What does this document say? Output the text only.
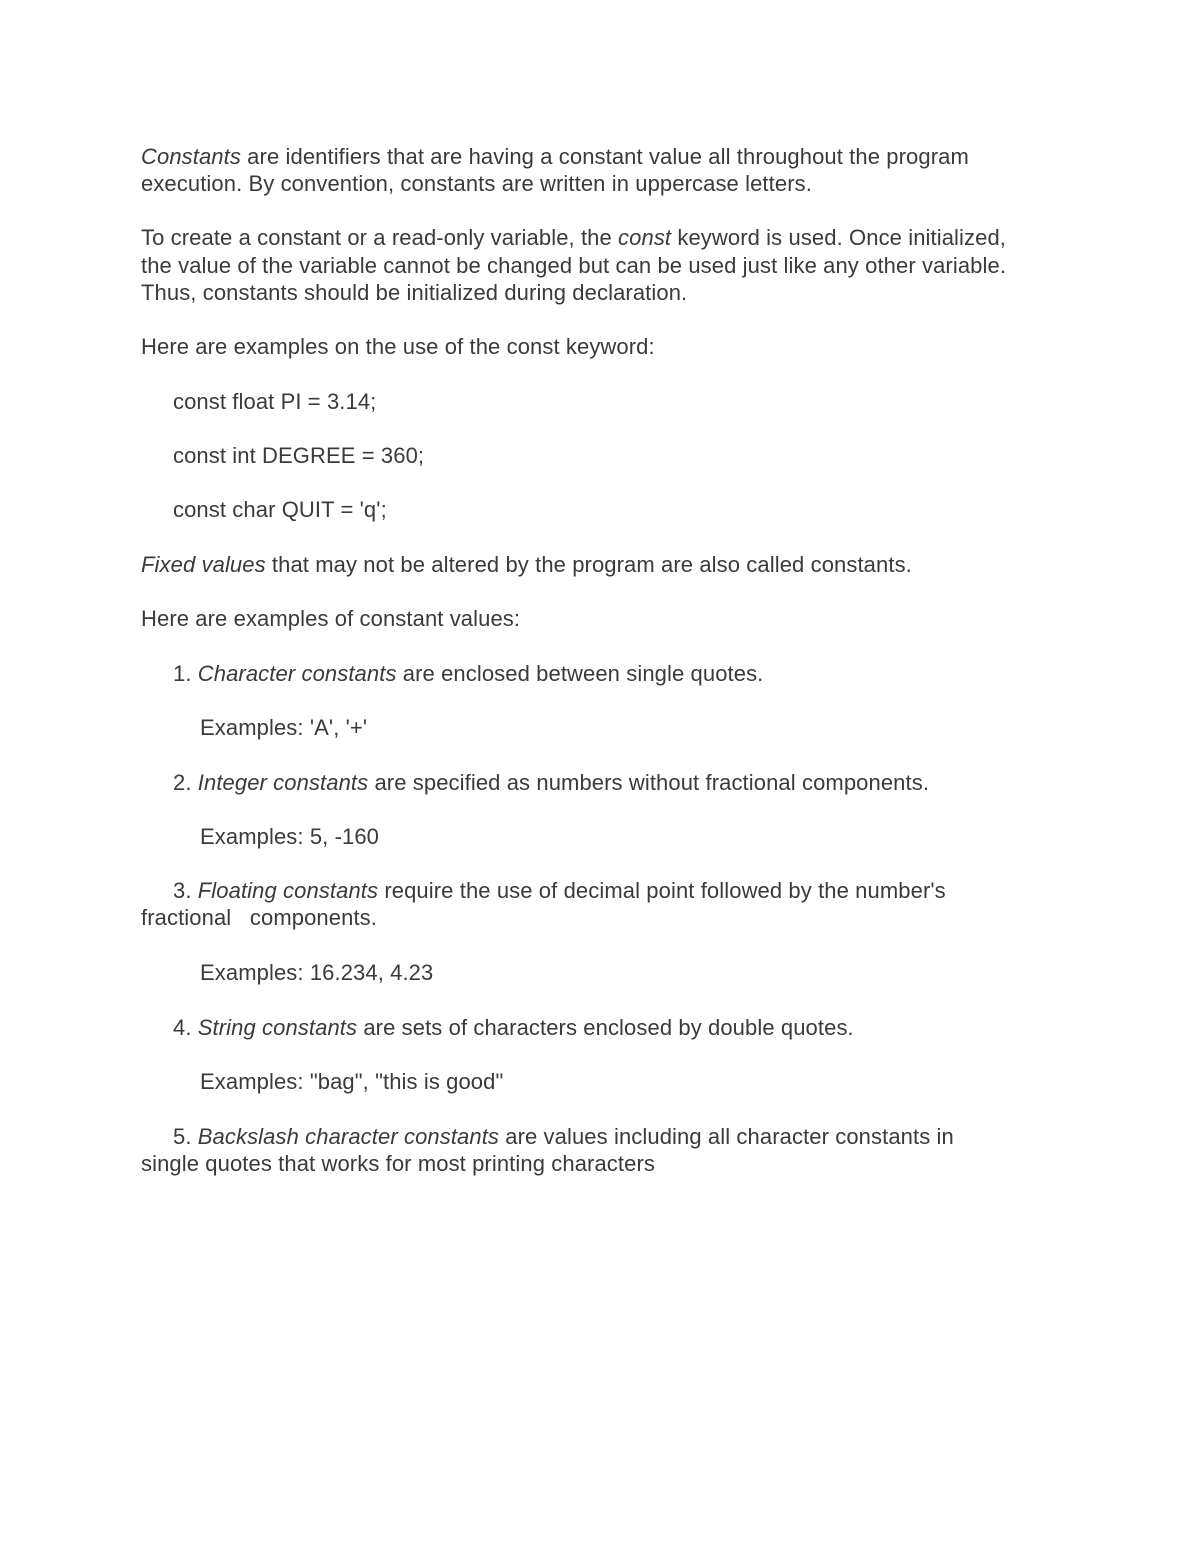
Constants are identifiers that are having a constant value all throughout the program
execution. By convention, constants are written in uppercase letters.
To create a constant or a read-only variable, the const keyword is used. Once initialized,
the value of the variable cannot be changed but can be used just like any other variable.
Thus, constants should be initialized during declaration.
Here are examples on the use of the const keyword:
const float PI = 3.14;
const int DEGREE = 360;
const char QUIT = 'q';
Fixed values that may not be altered by the program are also called constants.
Here are examples of constant values:
1. Character constants are enclosed between single quotes.
Examples: 'A', '+'
2. Integer constants are specified as numbers without fractional components.
Examples: 5, -160
3. Floating constants require the use of decimal point followed by the number's
fractional   components.
Examples: 16.234, 4.23
4. String constants are sets of characters enclosed by double quotes.
Examples: "bag", "this is good"
5. Backslash character constants are values including all character constants in
single quotes that works for most printing characters
